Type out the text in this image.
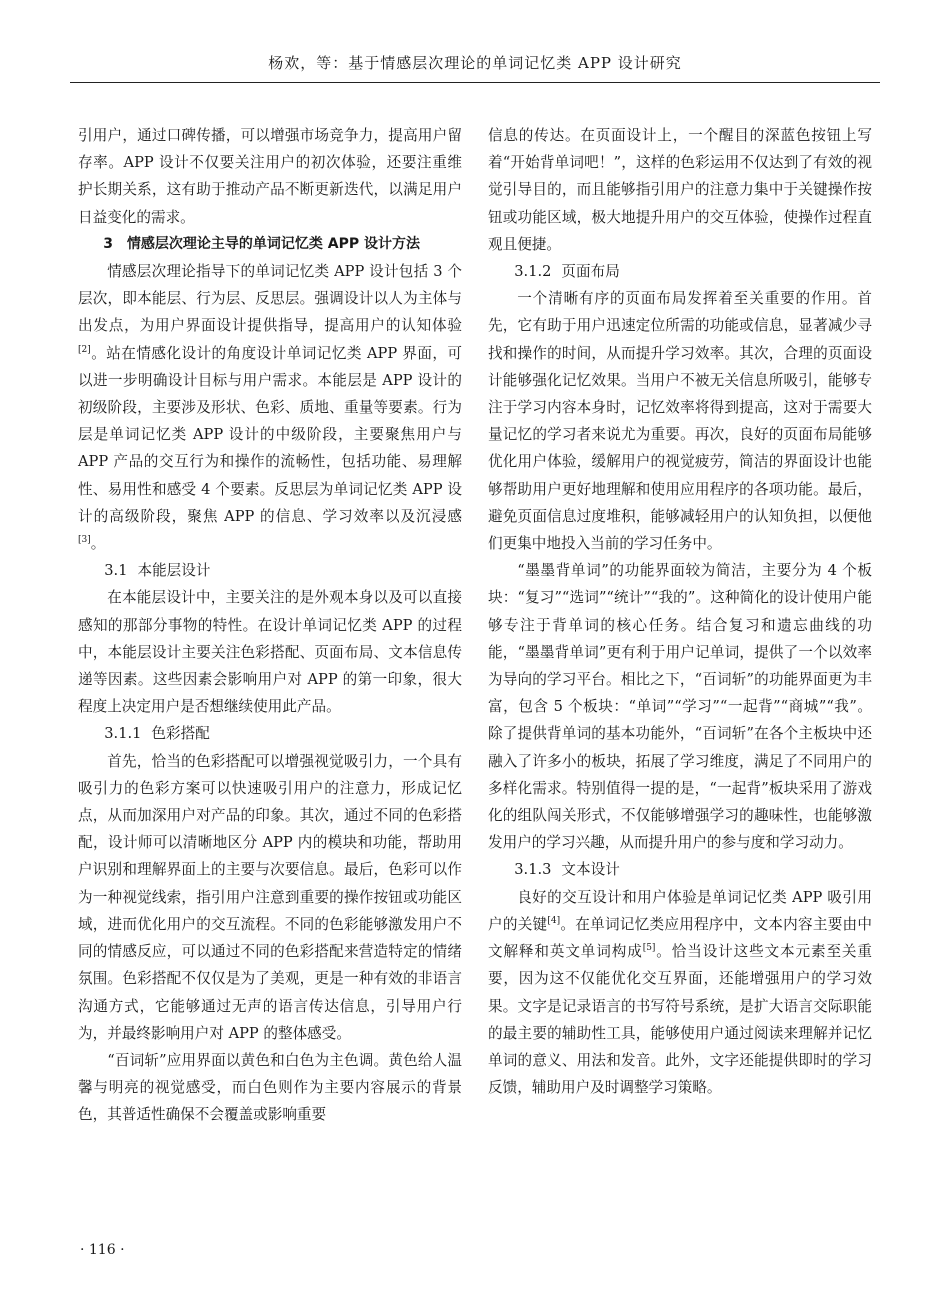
杨欢，等：基于情感层次理论的单词记忆类 APP 设计研究

引用户，通过口碑传播，可以增强市场竞争力，提高用户留存率。APP 设计不仅要关注用户的初次体验，还要注重维护长期关系，这有助于推动产品不断更新迭代，以满足用户日益变化的需求。

3　情感层次理论主导的单词记忆类 APP 设计方法

情感层次理论指导下的单词记忆类 APP 设计包括 3 个层次，即本能层、行为层、反思层。强调设计以人为主体与出发点，为用户界面设计提供指导，提高用户的认知体验[2]。站在情感化设计的角度设计单词记忆类 APP 界面，可以进一步明确设计目标与用户需求。本能层是 APP 设计的初级阶段，主要涉及形状、色彩、质地、重量等要素。行为层是单词记忆类 APP 设计的中级阶段，主要聚焦用户与 APP 产品的交互行为和操作的流畅性，包括功能、易理解性、易用性和感受 4 个要素。反思层为单词记忆类 APP 设计的高级阶段，聚焦 APP 的信息、学习效率以及沉浸感[3]。

3.1 本能层设计

在本能层设计中，主要关注的是外观本身以及可以直接感知的那部分事物的特性。在设计单词记忆类 APP 的过程中，本能层设计主要关注色彩搭配、页面布局、文本信息传递等因素。这些因素会影响用户对 APP 的第一印象，很大程度上决定用户是否想继续使用此产品。

3.1.1 色彩搭配

首先，恰当的色彩搭配可以增强视觉吸引力，一个具有吸引力的色彩方案可以快速吸引用户的注意力，形成记忆点，从而加深用户对产品的印象。其次，通过不同的色彩搭配，设计师可以清晰地区分 APP 内的模块和功能，帮助用户识别和理解界面上的主要与次要信息。最后，色彩可以作为一种视觉线索，指引用户注意到重要的操作按钮或功能区域，进而优化用户的交互流程。不同的色彩能够激发用户不同的情感反应，可以通过不同的色彩搭配来营造特定的情绪氛围。色彩搭配不仅仅是为了美观，更是一种有效的非语言沟通方式，它能够通过无声的语言传达信息，引导用户行为，并最终影响用户对 APP 的整体感受。

“百词斩”应用界面以黄色和白色为主色调。黄色给人温馨与明亮的视觉感受，而白色则作为主要内容展示的背景色，其普适性确保不会覆盖或影响重要

信息的传达。在页面设计上，一个醒目的深蓝色按钮上写着“开始背单词吧！”，这样的色彩运用不仅达到了有效的视觉引导目的，而且能够指引用户的注意力集中于关键操作按钮或功能区域，极大地提升用户的交互体验，使操作过程直观且便捷。

3.1.2 页面布局

一个清晰有序的页面布局发挥着至关重要的作用。首先，它有助于用户迅速定位所需的功能或信息，显著减少寻找和操作的时间，从而提升学习效率。其次，合理的页面设计能够强化记忆效果。当用户不被无关信息所吸引，能够专注于学习内容本身时，记忆效率将得到提高，这对于需要大量记忆的学习者来说尤为重要。再次，良好的页面布局能够优化用户体验，缓解用户的视觉疲劳，简洁的界面设计也能够帮助用户更好地理解和使用应用程序的各项功能。最后，避免页面信息过度堆积，能够减轻用户的认知负担，以便他们更集中地投入当前的学习任务中。

“墨墨背单词”的功能界面较为简洁，主要分为 4 个板块：“复习”“选词”“统计”“我的”。这种简化的设计使用户能够专注于背单词的核心任务。结合复习和遗忘曲线的功能，“墨墨背单词”更有利于用户记单词，提供了一个以效率为导向的学习平台。相比之下，“百词斩”的功能界面更为丰富，包含 5 个板块：“单词”“学习”“一起背”“商城”“我”。除了提供背单词的基本功能外，“百词斩”在各个主板块中还融入了许多小的板块，拓展了学习维度，满足了不同用户的多样化需求。特别值得一提的是，“一起背”板块采用了游戏化的组队闯关形式，不仅能够增强学习的趣味性，也能够激发用户的学习兴趣，从而提升用户的参与度和学习动力。

3.1.3 文本设计

良好的交互设计和用户体验是单词记忆类 APP 吸引用户的关键[4]。在单词记忆类应用程序中，文本内容主要由中文解释和英文单词构成[5]。恰当设计这些文本元素至关重要，因为这不仅能优化交互界面，还能增强用户的学习效果。文字是记录语言的书写符号系统，是扩大语言交际职能的最主要的辅助性工具，能够使用户通过阅读来理解并记忆单词的意义、用法和发音。此外，文字还能提供即时的学习反馈，辅助用户及时调整学习策略。

· 116 ·
